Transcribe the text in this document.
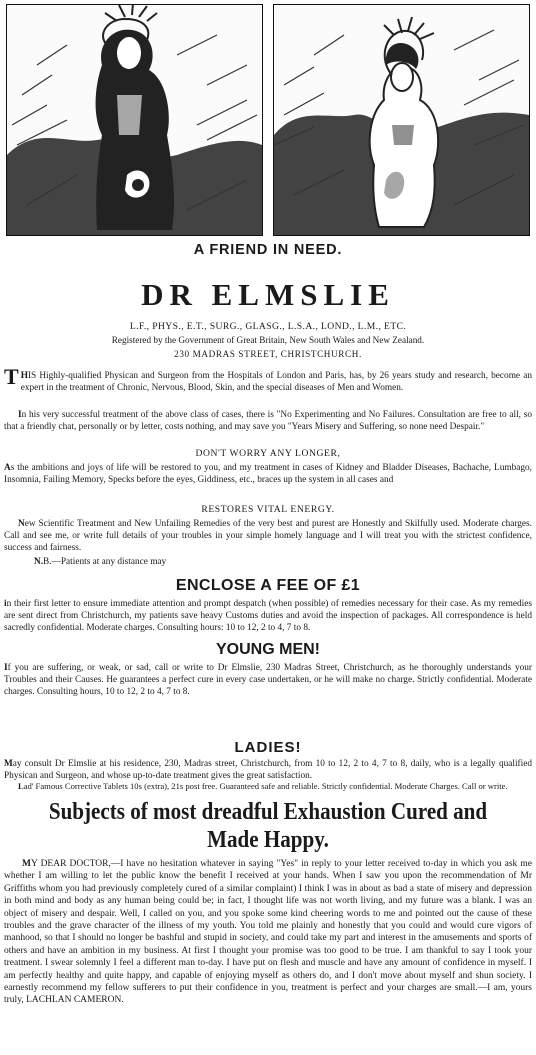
A FRIEND IN NEED.
DR ELMSLIE
L.F., PHYS., E.T., SURG., GLASG., L.S.A., LOND., L.M., ETC.
Registered by the Government of Great Britain, New South Wales and New Zealand.
230 MADRAS STREET, CHRISTCHURCH.
THIS Highly-qualified Physican and Surgeon from the Hospitals of London and Paris, has, by 26 years study and research, become an expert in the treatment of Chronic, Nervous, Blood, Skin, and the special diseases of Men and Women.
In his very successful treatment of the above class of cases, there is "No Experimenting and No Failures. Consultation are free to all, so that a friendly chat, personally or by letter, costs nothing, and may save you "Years Misery and Suffering, so none need Despair."
DON'T WORRY ANY LONGER,
As the ambitions and joys of life will be restored to you, and my treatment in cases of Kidney and Bladder Diseases, Bachache, Lumbago, Insomnia, Failing Memory, Specks before the eyes, Giddiness, etc., braces up the system in all cases and
RESTORES VITAL ENERGY.
New Scientific Treatment and New Unfailing Remedies of the very best and purest are Honestly and Skilfully used. Moderate charges. Call and see me, or write full details of your troubles in your simple homely language and I will treat you with the strictest confidence, success and fairness.
N.B.—Patients at any distance may
ENCLOSE A FEE OF £1
in their first letter to ensure immediate attention and prompt despatch (when possible) of remedies necessary for their case. As my remedies are sent direct from Christchurch, my patients save heavy Customs duties and avoid the inspection of packages. All correspondence is held sacredly confidential. Moderate charges. Consulting hours: 10 to 12, 2 to 4, 7 to 8.
YOUNG MEN!
If you are suffering, or weak, or sad, call or write to Dr Elmslie, 230 Madras Street, Christchurch, as he thoroughly understands your Troubles and their Causes. He guarantees a perfect cure in every case undertaken, or he will make no charge. Strictly confidential. Moderate charges. Consulting hours, 10 to 12, 2 to 4, 7 to 8.
LADIES!
May consult Dr Elmslie at his residence, 230, Madras street, Christchurch, from 10 to 12, 2 to 4, 7 to 8, daily, who is a legally qualified Physican and Surgeon, and whose up-to-date treatment gives the great satisfaction.
Subjects of most dreadful Exhaustion Cured and Made Happy.
MY DEAR DOCTOR,—I have no hesitation whatever in saying "Yes" in reply to your letter received to-day in which you ask me whether I am willing to let the public know the benefit I received at your hands. When I saw you upon the recommendation of Mr Griffiths whom you had previously completely cured of a similar complaint) I think I was in about as bad a state of misery and depression in both mind and body as any human being could be; in fact, I thought life was not worth living, and my future was a blank. I was an object of misery and despair. Well, I called on you, and you spoke some kind cheering words to me and pointed out the cause of these troubles and the grave character of the illness of my youth. You told me plainly and honestly that you could and would cure vigors of manhood, so that I should no longer be bashful and stupid in society, and could take my part and interest in the amusements and sports of others and have an ambition in my business. At first I thought your promise was too good to be true. I am thankful to say I took your treatment. I swear solemnly I feel a different man to-day. I have put on flesh and muscle and have any amount of confidence in myself. I am perfectly healthy and quite happy, and capable of enjoying myself as others do, and I don't move about myself and shun society. I earnestly recommend my fellow sufferers to put their confidence in you, treatment is perfect and your charges are small.—I am, yours truly, LACHLAN CAMERON.
Lad' Famous Corrective Tablets 10s (extra), 21s post free. Guaranteed safe and reliable. Strictly confidential. Moderate Charges. Call or write.
